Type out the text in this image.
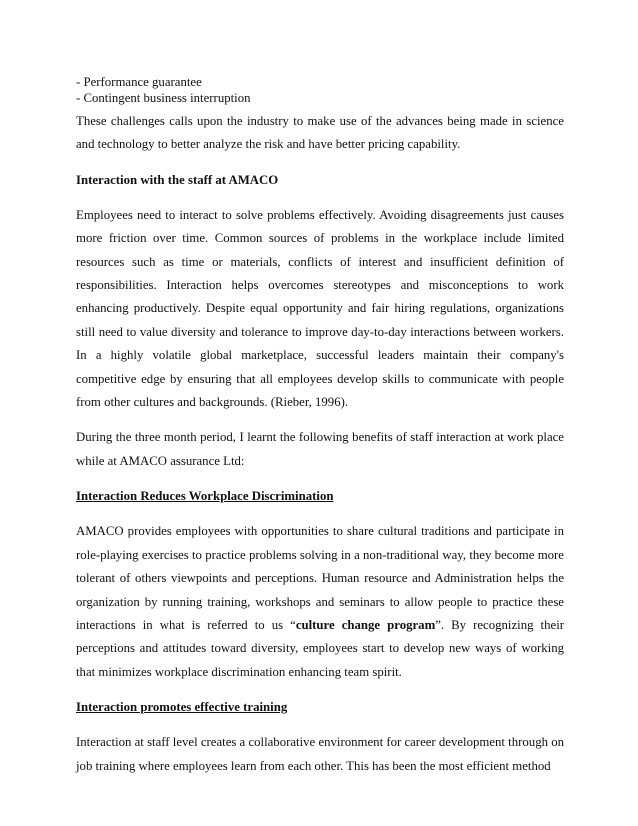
- Performance guarantee
- Contingent business interruption

These challenges calls upon the industry to make use of the advances being made in science and technology to better analyze the risk and have better pricing capability.

Interaction with the staff at AMACO

Employees need to interact to solve problems effectively. Avoiding disagreements just causes more friction over time. Common sources of problems in the workplace include limited resources such as time or materials, conflicts of interest and insufficient definition of responsibilities. Interaction helps overcomes stereotypes and misconceptions to work enhancing productively. Despite equal opportunity and fair hiring regulations, organizations still need to value diversity and tolerance to improve day-to-day interactions between workers. In a highly volatile global marketplace, successful leaders maintain their company's competitive edge by ensuring that all employees develop skills to communicate with people from other cultures and backgrounds. (Rieber, 1996).

During the three month period, I learnt the following benefits of staff interaction at work place while at AMACO assurance Ltd:

Interaction Reduces Workplace Discrimination

AMACO provides employees with opportunities to share cultural traditions and participate in role-playing exercises to practice problems solving in a non-traditional way, they become more tolerant of others viewpoints and perceptions. Human resource and Administration helps the organization by running training, workshops and seminars to allow people to practice these interactions in what is referred to us “culture change program”. By recognizing their perceptions and attitudes toward diversity, employees start to develop new ways of working that minimizes workplace discrimination enhancing team spirit.

Interaction promotes effective training

Interaction at staff level creates a collaborative environment for career development through on job training where employees learn from each other. This has been the most efficient method
